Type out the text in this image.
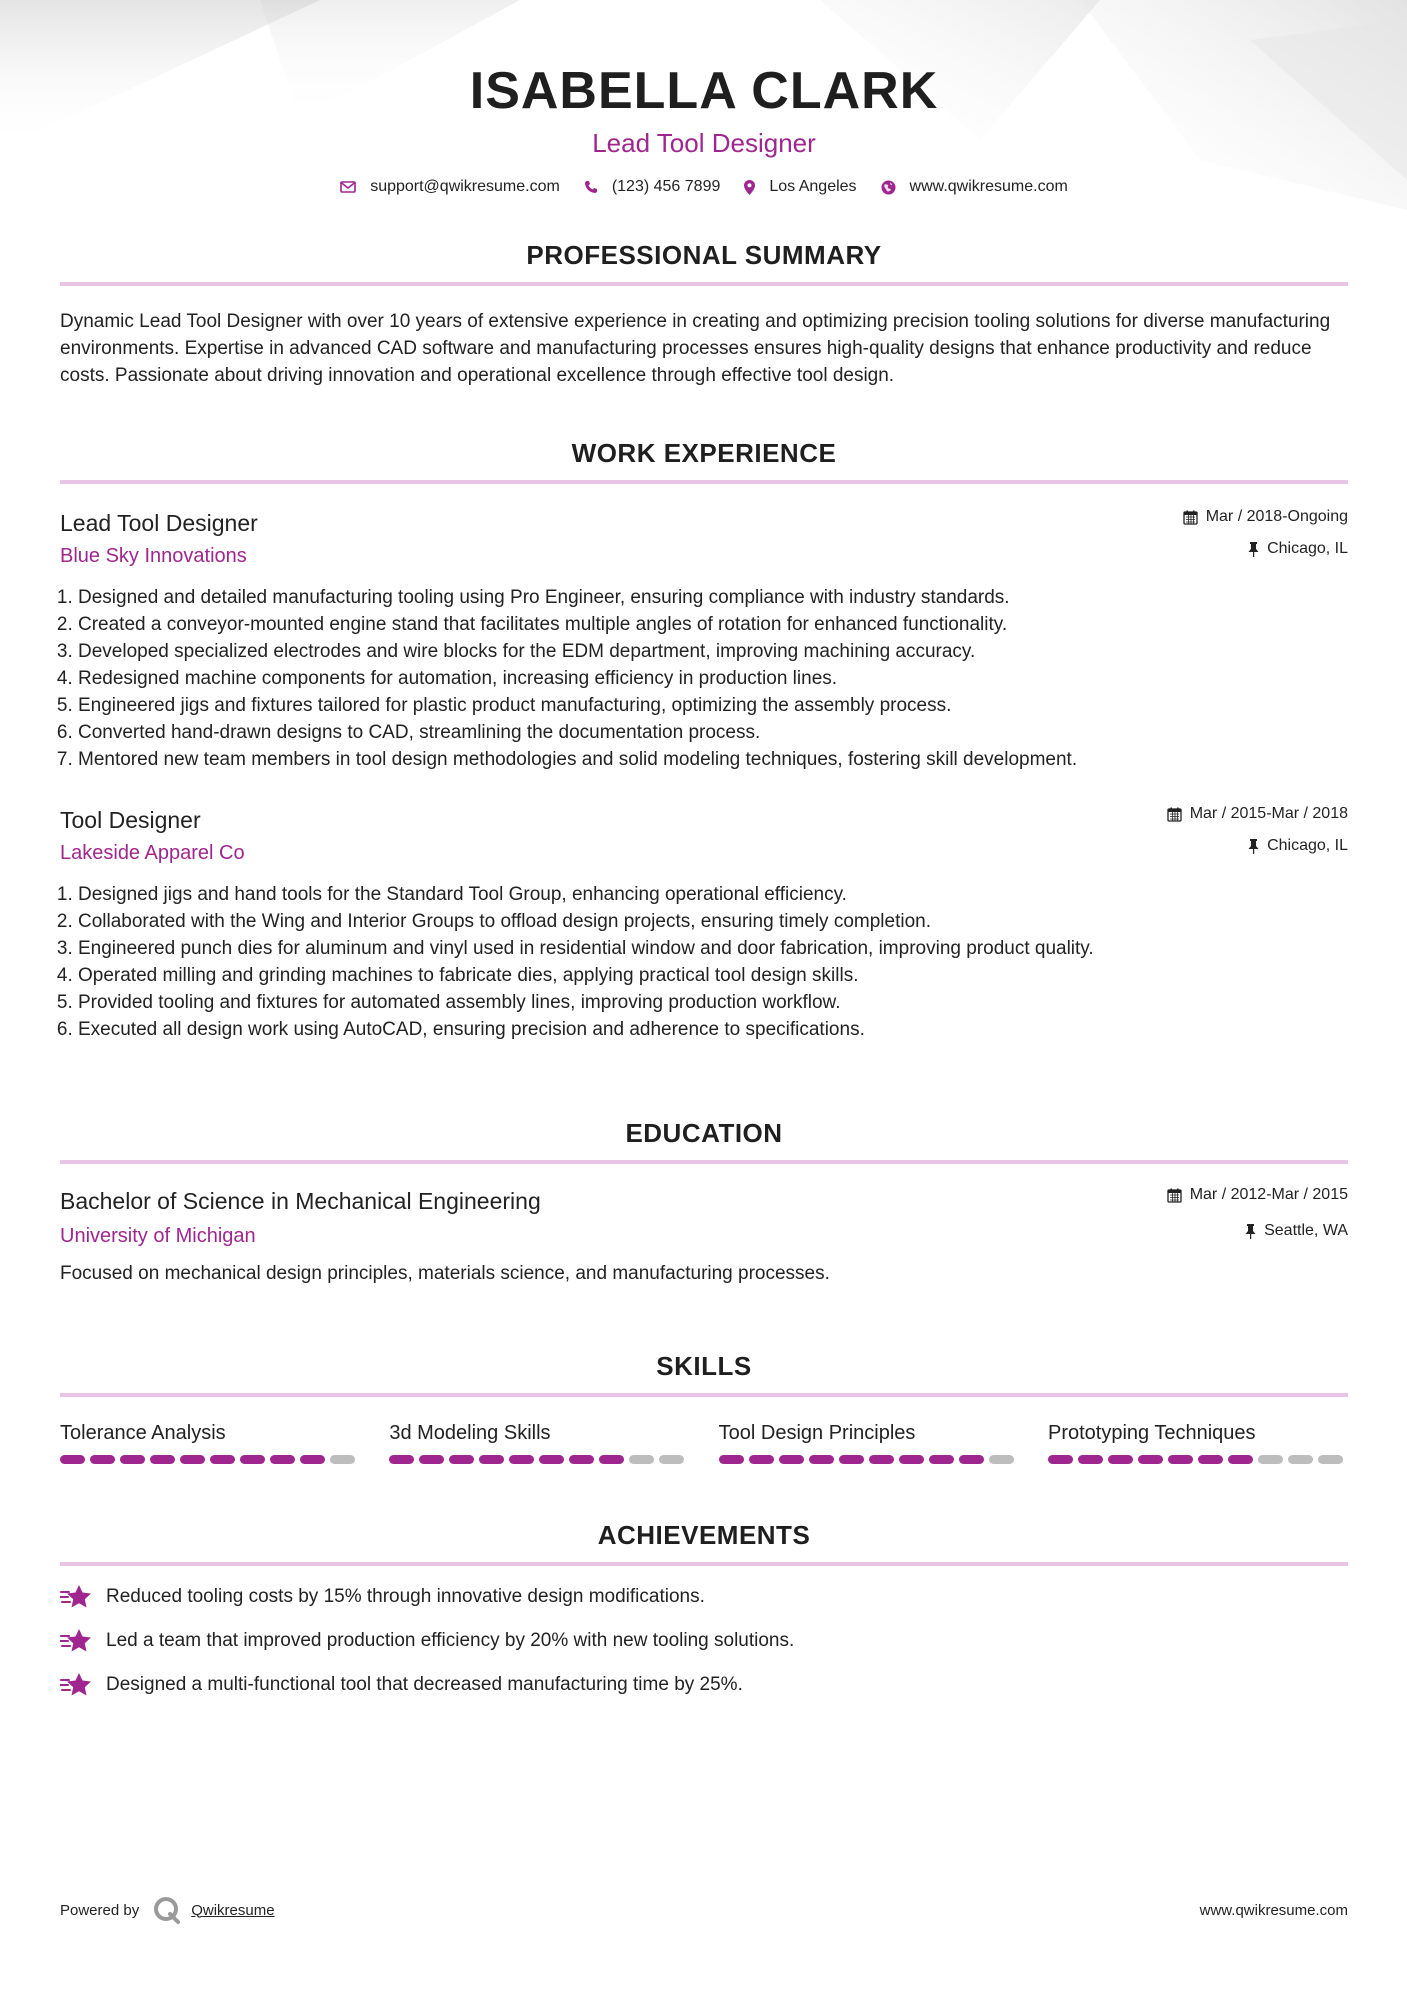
ISABELLA CLARK
Lead Tool Designer
support@qwikresume.com	(123) 456 7899	Los Angeles	www.qwikresume.com
PROFESSIONAL SUMMARY
Dynamic Lead Tool Designer with over 10 years of extensive experience in creating and optimizing precision tooling solutions for diverse manufacturing environments. Expertise in advanced CAD software and manufacturing processes ensures high-quality designs that enhance productivity and reduce costs. Passionate about driving innovation and operational excellence through effective tool design.
WORK EXPERIENCE
Mar / 2018-Ongoing
Chicago, IL
Lead Tool Designer
Blue Sky Innovations
1. Designed and detailed manufacturing tooling using Pro Engineer, ensuring compliance with industry standards.
2. Created a conveyor-mounted engine stand that facilitates multiple angles of rotation for enhanced functionality.
3. Developed specialized electrodes and wire blocks for the EDM department, improving machining accuracy.
4. Redesigned machine components for automation, increasing efficiency in production lines.
5. Engineered jigs and fixtures tailored for plastic product manufacturing, optimizing the assembly process.
6. Converted hand-drawn designs to CAD, streamlining the documentation process.
7. Mentored new team members in tool design methodologies and solid modeling techniques, fostering skill development.
Mar / 2015-Mar / 2018
Chicago, IL
Tool Designer
Lakeside Apparel Co
1. Designed jigs and hand tools for the Standard Tool Group, enhancing operational efficiency.
2. Collaborated with the Wing and Interior Groups to offload design projects, ensuring timely completion.
3. Engineered punch dies for aluminum and vinyl used in residential window and door fabrication, improving product quality.
4. Operated milling and grinding machines to fabricate dies, applying practical tool design skills.
5. Provided tooling and fixtures for automated assembly lines, improving production workflow.
6. Executed all design work using AutoCAD, ensuring precision and adherence to specifications.
EDUCATION
Mar / 2012-Mar / 2015
Seattle, WA
Bachelor of Science in Mechanical Engineering
University of Michigan
Focused on mechanical design principles, materials science, and manufacturing processes.
SKILLS
Tolerance Analysis	3d Modeling Skills	Tool Design Principles	Prototyping Techniques
ACHIEVEMENTS
Reduced tooling costs by 15% through innovative design modifications.
Led a team that improved production efficiency by 20% with new tooling solutions.
Designed a multi-functional tool that decreased manufacturing time by 25%.
Powered by	Qwikresume	www.qwikresume.com
